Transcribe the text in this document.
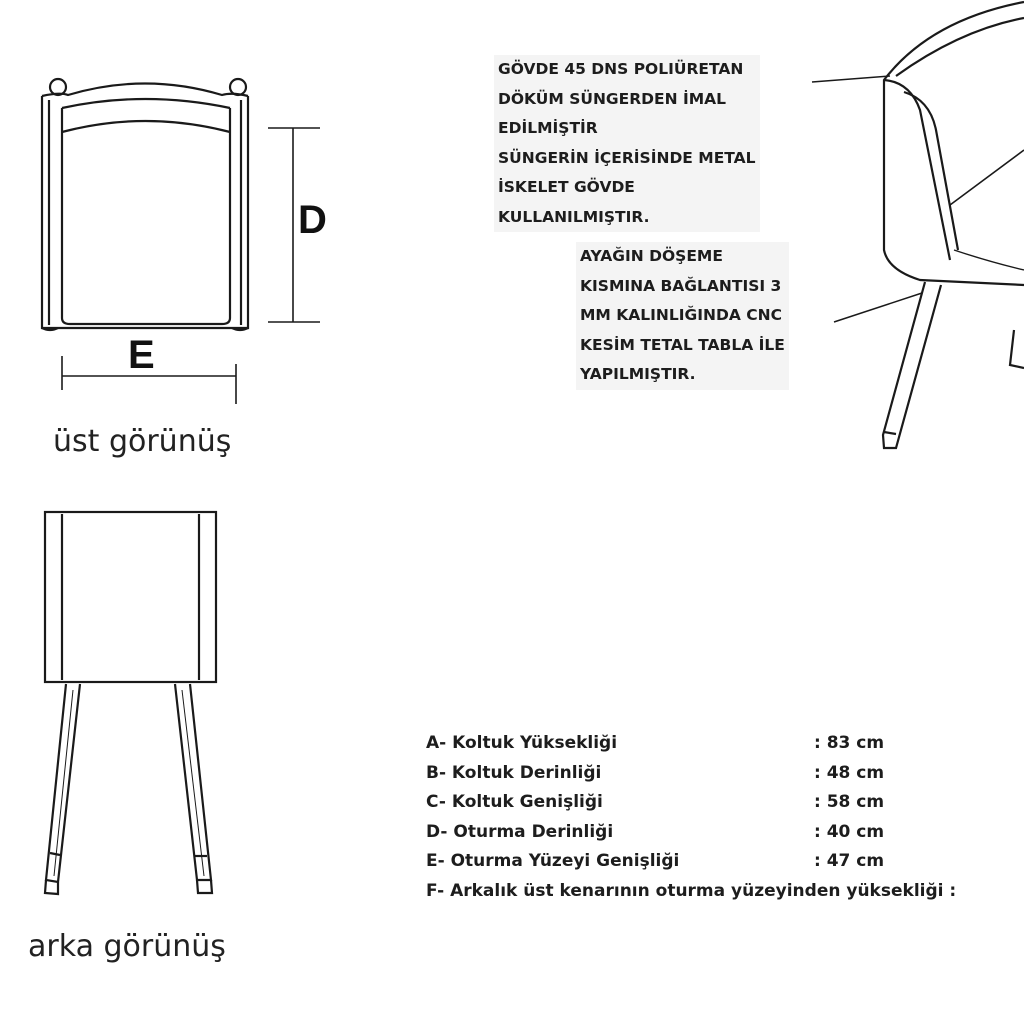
D
E
üst görünüş
arka görünüş
GÖVDE 45 DNS POLIÜRETAN
DÖKÜM SÜNGERDEN İMAL
EDİLMİŞTİR
SÜNGERİN İÇERİSİNDE METAL
İSKELET GÖVDE
KULLANILMIŞTIR.
AYAĞIN DÖŞEME
KISMINA BAĞLANTISI 3
MM KALINLIĞINDA CNC
KESİM TETAL TABLA İLE
YAPILMIŞTIR.
A- Koltuk Yüksekliği	: 83 cm
B- Koltuk Derinliği	: 48 cm
C- Koltuk Genişliği	: 58 cm
D- Oturma Derinliği	: 40 cm
E- Oturma Yüzeyi Genişliği	: 47 cm
F- Arkalık üst kenarının oturma yüzeyinden yüksekliği :
